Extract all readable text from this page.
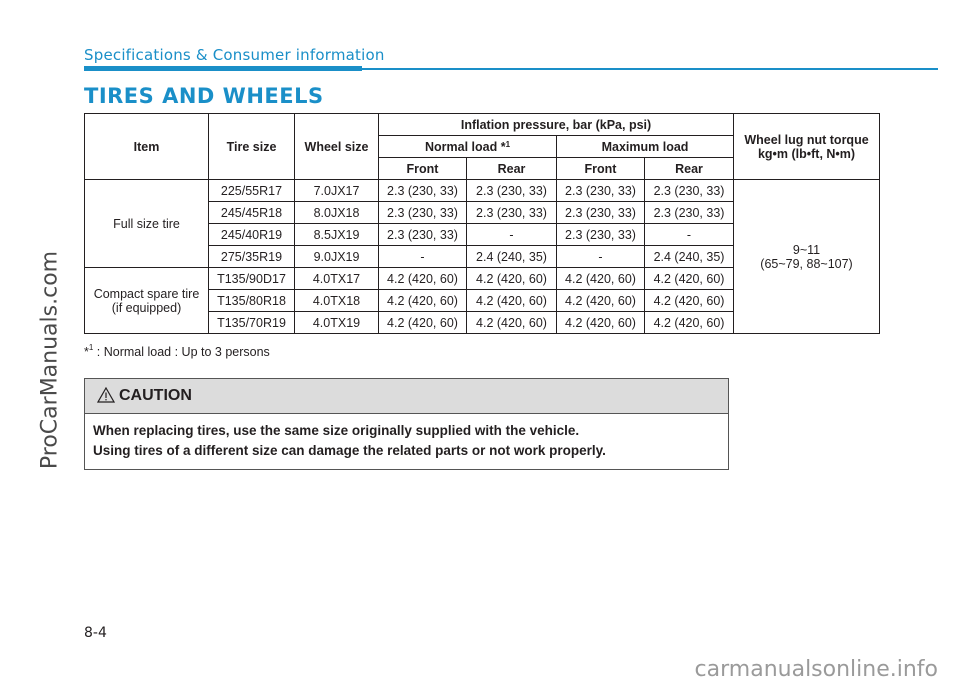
ProCarManuals.com
Specifications & Consumer information
TIRES AND WHEELS
Item	Tire size	Wheel size	Inflation pressure, bar (kPa, psi)				Wheel lug nut torque
kg•m (lb•ft, N•m)
			Normal load *$^1$		Maximum load		
			Front	Rear	Front	Rear	
Full size tire	225/55R17	7.0JX17	2.3 (230, 33)	2.3 (230, 33)	2.3 (230, 33)	2.3 (230, 33)	9~11
(65~79, 88~107)
	245/45R18	8.0JX18	2.3 (230, 33)	2.3 (230, 33)	2.3 (230, 33)	2.3 (230, 33)	
	245/40R19	8.5JX19	2.3 (230, 33)	-	2.3 (230, 33)	-	
	275/35R19	9.0JX19	-	2.4 (240, 35)	-	2.4 (240, 35)	
Compact spare tire
(if equipped)	T135/90D17	4.0TX17	4.2 (420, 60)	4.2 (420, 60)	4.2 (420, 60)	4.2 (420, 60)	
	T135/80R18	4.0TX18	4.2 (420, 60)	4.2 (420, 60)	4.2 (420, 60)	4.2 (420, 60)	
	T135/70R19	4.0TX19	4.2 (420, 60)	4.2 (420, 60)	4.2 (420, 60)	4.2 (420, 60)	
*$^1$ : Normal load : Up to 3 persons
CAUTION
When replacing tires, use the same size originally supplied with the vehicle.
Using tires of a different size can damage the related parts or not work properly.
8-4
carmanualsonline.info
